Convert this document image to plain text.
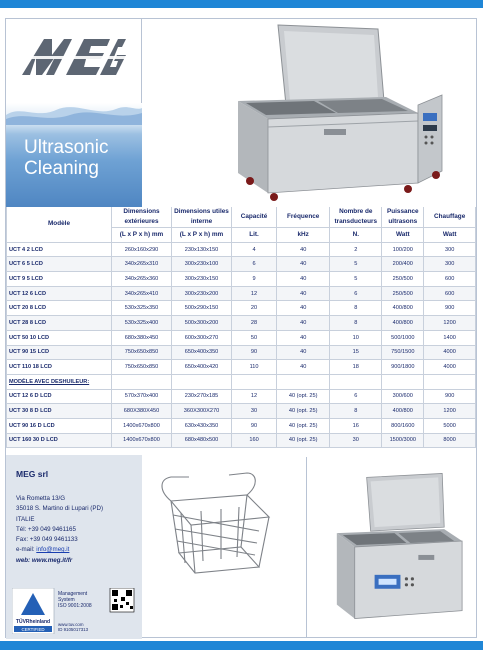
Ultrasonic
Cleaning
Modèle	Dimensions extérieures	Dimensions utiles interne	Capacité	Fréquence	Nombre de transducteurs	Puissance ultrasons	Chauffage
	(L x P x h) mm	(L x P x h) mm	Lit.	kHz	N.	Watt	Watt
UCT 4 2 LCD	260x160x290	230x130x150	4	40	2	100/200	300
UCT 6 5 LCD	340x265x310	300x230x100	6	40	5	200/400	300
UCT 9 5 LCD	340x265x360	300x230x150	9	40	5	250/500	600
UCT 12 6 LCD	340x265x410	300x230x200	12	40	6	250/500	600
UCT 20 8 LCD	530x325x350	500x290x150	20	40	8	400/800	900
UCT 28 8 LCD	530x325x400	500x300x200	28	40	8	400/800	1200
UCT 50 10 LCD	680x380x450	600x300x270	50	40	10	500/1000	1400
UCT 90 15 LCD	750x650x850	650x400x350	90	40	15	750/1500	4000
UCT 110 18 LCD	750x650x850	650x400x420	110	40	18	900/1800	4000
MODÈLE AVEC DESHUILEUR:							
UCT 12 6 D LCD	570x370x400	230x270x185	12	40 (opt. 25)	6	300/600	900
UCT 30 8 D LCD	680X380X450	360X300X270	30	40 (opt. 25)	8	400/800	1200
UCT 90 16 D LCD	1400x670x800	630x430x350	90	40 (opt. 25)	16	800/1600	5000
UCT 160 30 D LCD	1400x670x800	680x480x500	160	40 (opt. 25)	30	1500/3000	8000
MEG srl
Via Rometta 13/G
35018 S. Martino di Lupari (PD)
ITALIE
Tél: +39 049 9461165
Fax: +39 049 9461133
e-mail: info@meg.it
web: www.meg.it/fr
TÜVRheinland
CERTIFIED
Management
System
ISO 9001:2008
www.tuv.com
ID 9105017313
